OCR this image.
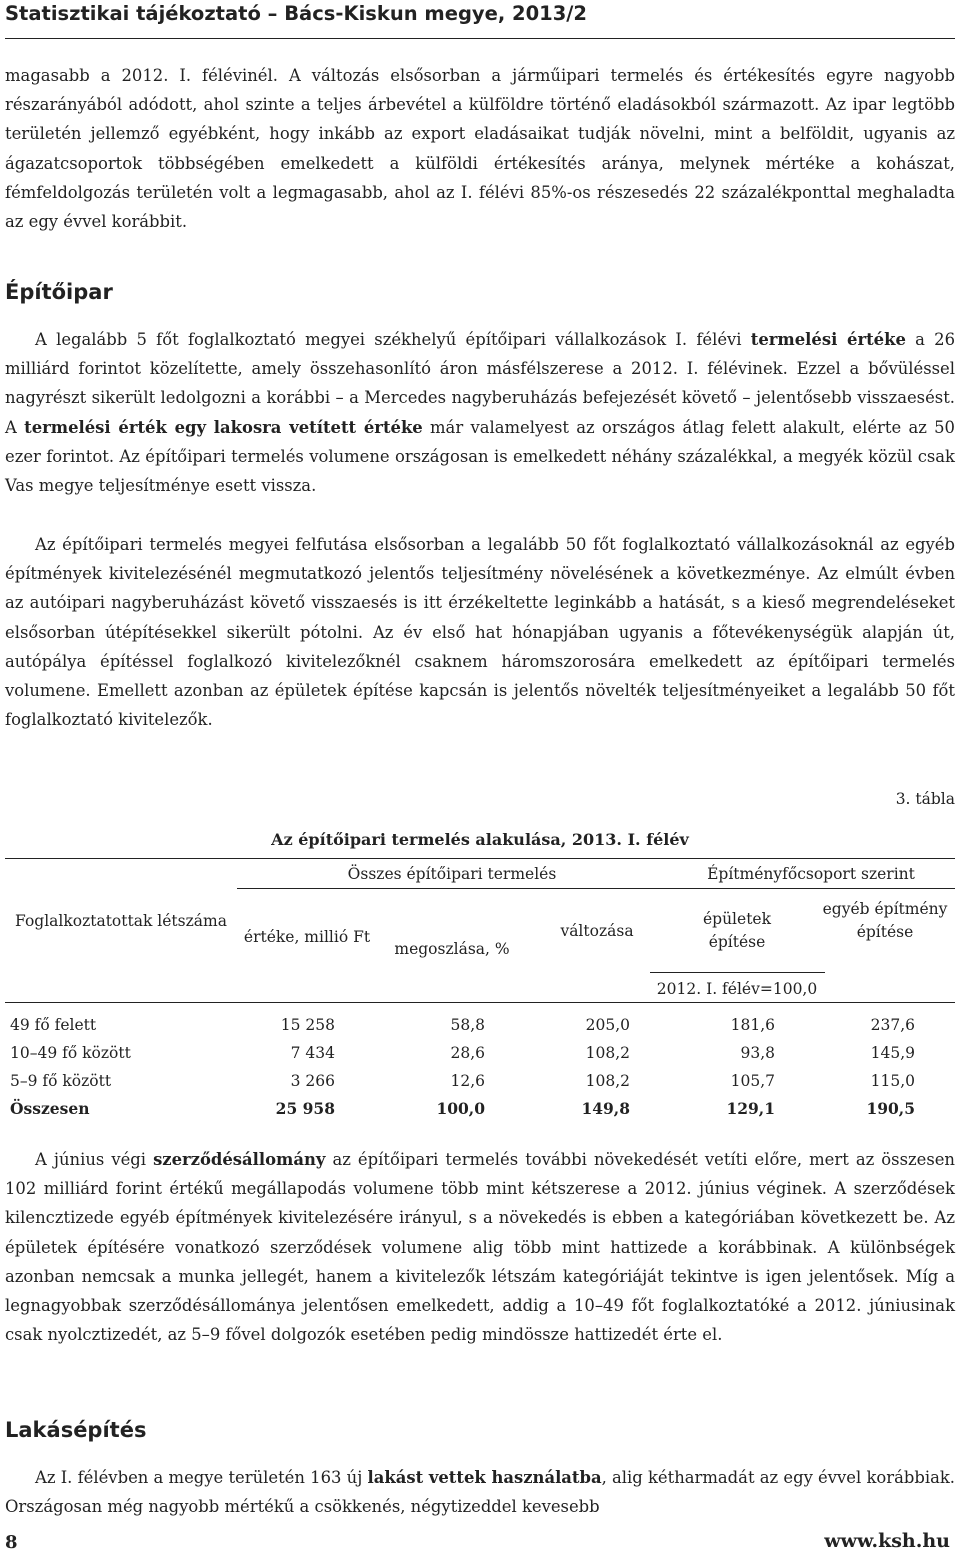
Statisztikai tájékoztató – Bács-Kiskun megye, 2013/2

magasabb a 2012. I. félévinél. A változás elsősorban a járműipari termelés és értékesítés egyre nagyobb részarányából adódott, ahol szinte a teljes árbevétel a külföldre történő eladásokból származott. Az ipar legtöbb területén jellemző egyébként, hogy inkább az export eladásaikat tudják növelni, mint a belföldit, ugyanis az ágazatcsoportok többségében emelkedett a külföldi értékesítés aránya, melynek mértéke a kohászat, fémfeldolgozás területén volt a legmagasabb, ahol az I. félévi 85%-os részesedés 22 százalékponttal meghaladta az egy évvel korábbit.

Építőipar

A legalább 5 főt foglalkoztató megyei székhelyű építőipari vállalkozások I. félévi termelési értéke a 26 milliárd forintot közelítette, amely összehasonlító áron másfélszerese a 2012. I. félévinek. Ezzel a bővüléssel nagyrészt sikerült ledolgozni a korábbi – a Mercedes nagyberuházás befejezését követő – jelentősebb visszaesést. A termelési érték egy lakosra vetített értéke már valamelyest az országos átlag felett alakult, elérte az 50 ezer forintot. Az építőipari termelés volumene országosan is emelkedett néhány százalékkal, a megyék közül csak Vas megye teljesítménye esett vissza.

Az építőipari termelés megyei felfutása elsősorban a legalább 50 főt foglalkoztató vállalkozásoknál az egyéb építmények kivitelezésénél megmutatkozó jelentős teljesítmény növelésének a következménye. Az elmúlt évben az autóipari nagyberuházást követő visszaesés is itt érzékeltette leginkább a hatását, s a kieső megrendeléseket elsősorban útépítésekkel sikerült pótolni. Az év első hat hónapjában ugyanis a főtevékenységük alapján út, autópálya építéssel foglalkozó kivitelezőknél csaknem háromszorosára emelkedett az építőipari termelés volumene. Emellett azonban az épületek építése kapcsán is jelentős növelték teljesítményeiket a legalább 50 főt foglalkoztató kivitelezők.

3. tábla
Az építőipari termelés alakulása, 2013. I. félév
Foglalkoztatottak létszáma
Összes építőipari termelés	Építményfőcsoport szerint
értéke, millió Ft
megoszlása, %
változása
épületek építése
egyéb építmény építése
2012. I. félév=100,0
49 fő felett	15 258	58,8	205,0	181,6	237,6
10–49 fő között	7 434	28,6	108,2	93,8	145,9
5–9 fő között	3 266	12,6	108,2	105,7	115,0
Összesen	25 958	100,0	149,8	129,1	190,5

A június végi szerződésállomány az építőipari termelés további növekedését vetíti előre, mert az összesen 102 milliárd forint értékű megállapodás volumene több mint kétszerese a 2012. június véginek. A szerződések kilencztizede egyéb építmények kivitelezésére irányul, s a növekedés is ebben a kategóriában következett be. Az épületek építésére vonatkozó szerződések volumene alig több mint hattizede a korábbinak. A különbségek azonban nemcsak a munka jellegét, hanem a kivitelezők létszám kategóriáját tekintve is igen jelentősek. Míg a legnagyobbak szerződésállománya jelentősen emelkedett, addig a 10–49 főt foglalkoztatóké a 2012. júniusinak csak nyolcztizedét, az 5–9 fővel dolgozók esetében pedig mindössze hattizedét érte el.

Lakásépítés

Az I. félévben a megye területén 163 új lakást vettek használatba, alig kétharmadát az egy évvel korábbiak. Országosan még nagyobb mértékű a csökkenés, négytizeddel kevesebb

8	www.ksh.hu
